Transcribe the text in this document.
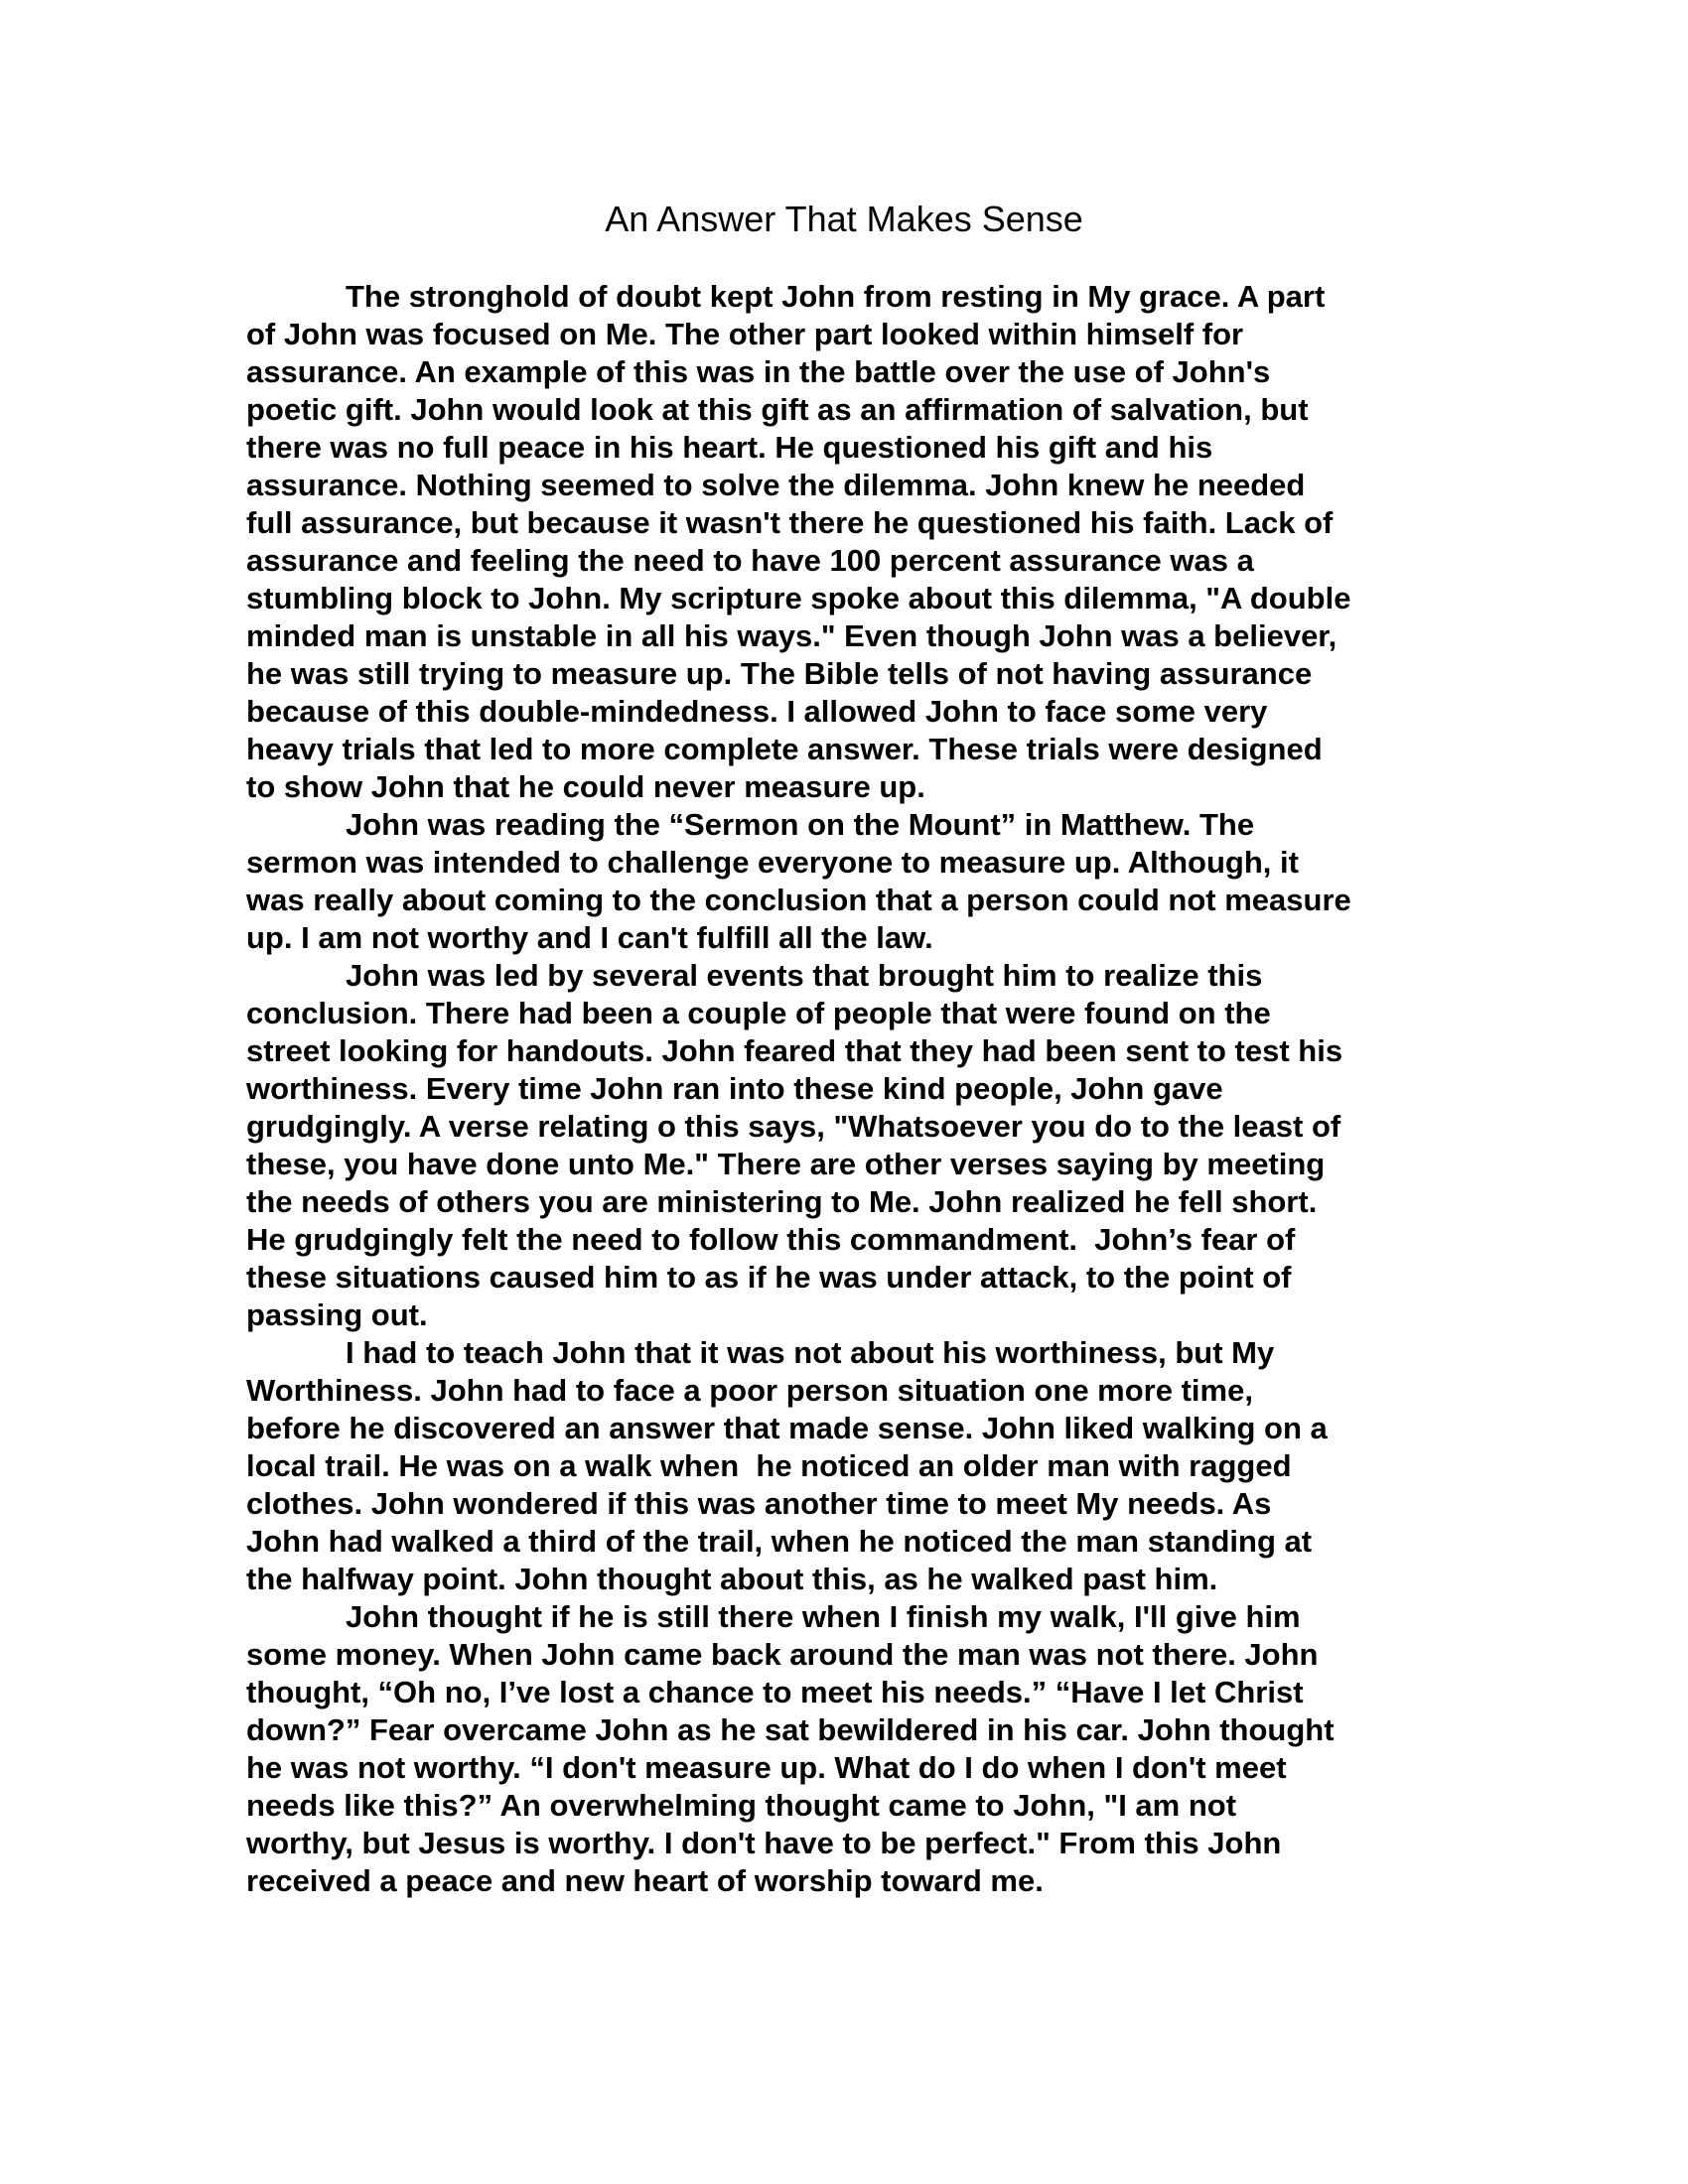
An Answer That Makes Sense
The stronghold of doubt kept John from resting in My grace. A part
of John was focused on Me. The other part looked within himself for
assurance. An example of this was in the battle over the use of John's
poetic gift. John would look at this gift as an affirmation of salvation, but
there was no full peace in his heart. He questioned his gift and his
assurance. Nothing seemed to solve the dilemma. John knew he needed
full assurance, but because it wasn't there he questioned his faith. Lack of
assurance and feeling the need to have 100 percent assurance was a
stumbling block to John. My scripture spoke about this dilemma, "A double
minded man is unstable in all his ways." Even though John was a believer,
he was still trying to measure up. The Bible tells of not having assurance
because of this double-mindedness. I allowed John to face some very
heavy trials that led to more complete answer. These trials were designed
to show John that he could never measure up.
John was reading the “Sermon on the Mount” in Matthew. The
sermon was intended to challenge everyone to measure up. Although, it
was really about coming to the conclusion that a person could not measure
up. I am not worthy and I can't fulfill all the law.
John was led by several events that brought him to realize this
conclusion. There had been a couple of people that were found on the
street looking for handouts. John feared that they had been sent to test his
worthiness. Every time John ran into these kind people, John gave
grudgingly. A verse relating o this says, "Whatsoever you do to the least of
these, you have done unto Me." There are other verses saying by meeting
the needs of others you are ministering to Me. John realized he fell short.
He grudgingly felt the need to follow this commandment.  John’s fear of
these situations caused him to as if he was under attack, to the point of
passing out.
I had to teach John that it was not about his worthiness, but My
Worthiness. John had to face a poor person situation one more time,
before he discovered an answer that made sense. John liked walking on a
local trail. He was on a walk when  he noticed an older man with ragged
clothes. John wondered if this was another time to meet My needs. As
John had walked a third of the trail, when he noticed the man standing at
the halfway point. John thought about this, as he walked past him.
John thought if he is still there when I finish my walk, I'll give him
some money. When John came back around the man was not there. John
thought, “Oh no, I’ve lost a chance to meet his needs.” “Have I let Christ
down?” Fear overcame John as he sat bewildered in his car. John thought
he was not worthy. “I don't measure up. What do I do when I don't meet
needs like this?” An overwhelming thought came to John, "I am not
worthy, but Jesus is worthy. I don't have to be perfect." From this John
received a peace and new heart of worship toward me.
